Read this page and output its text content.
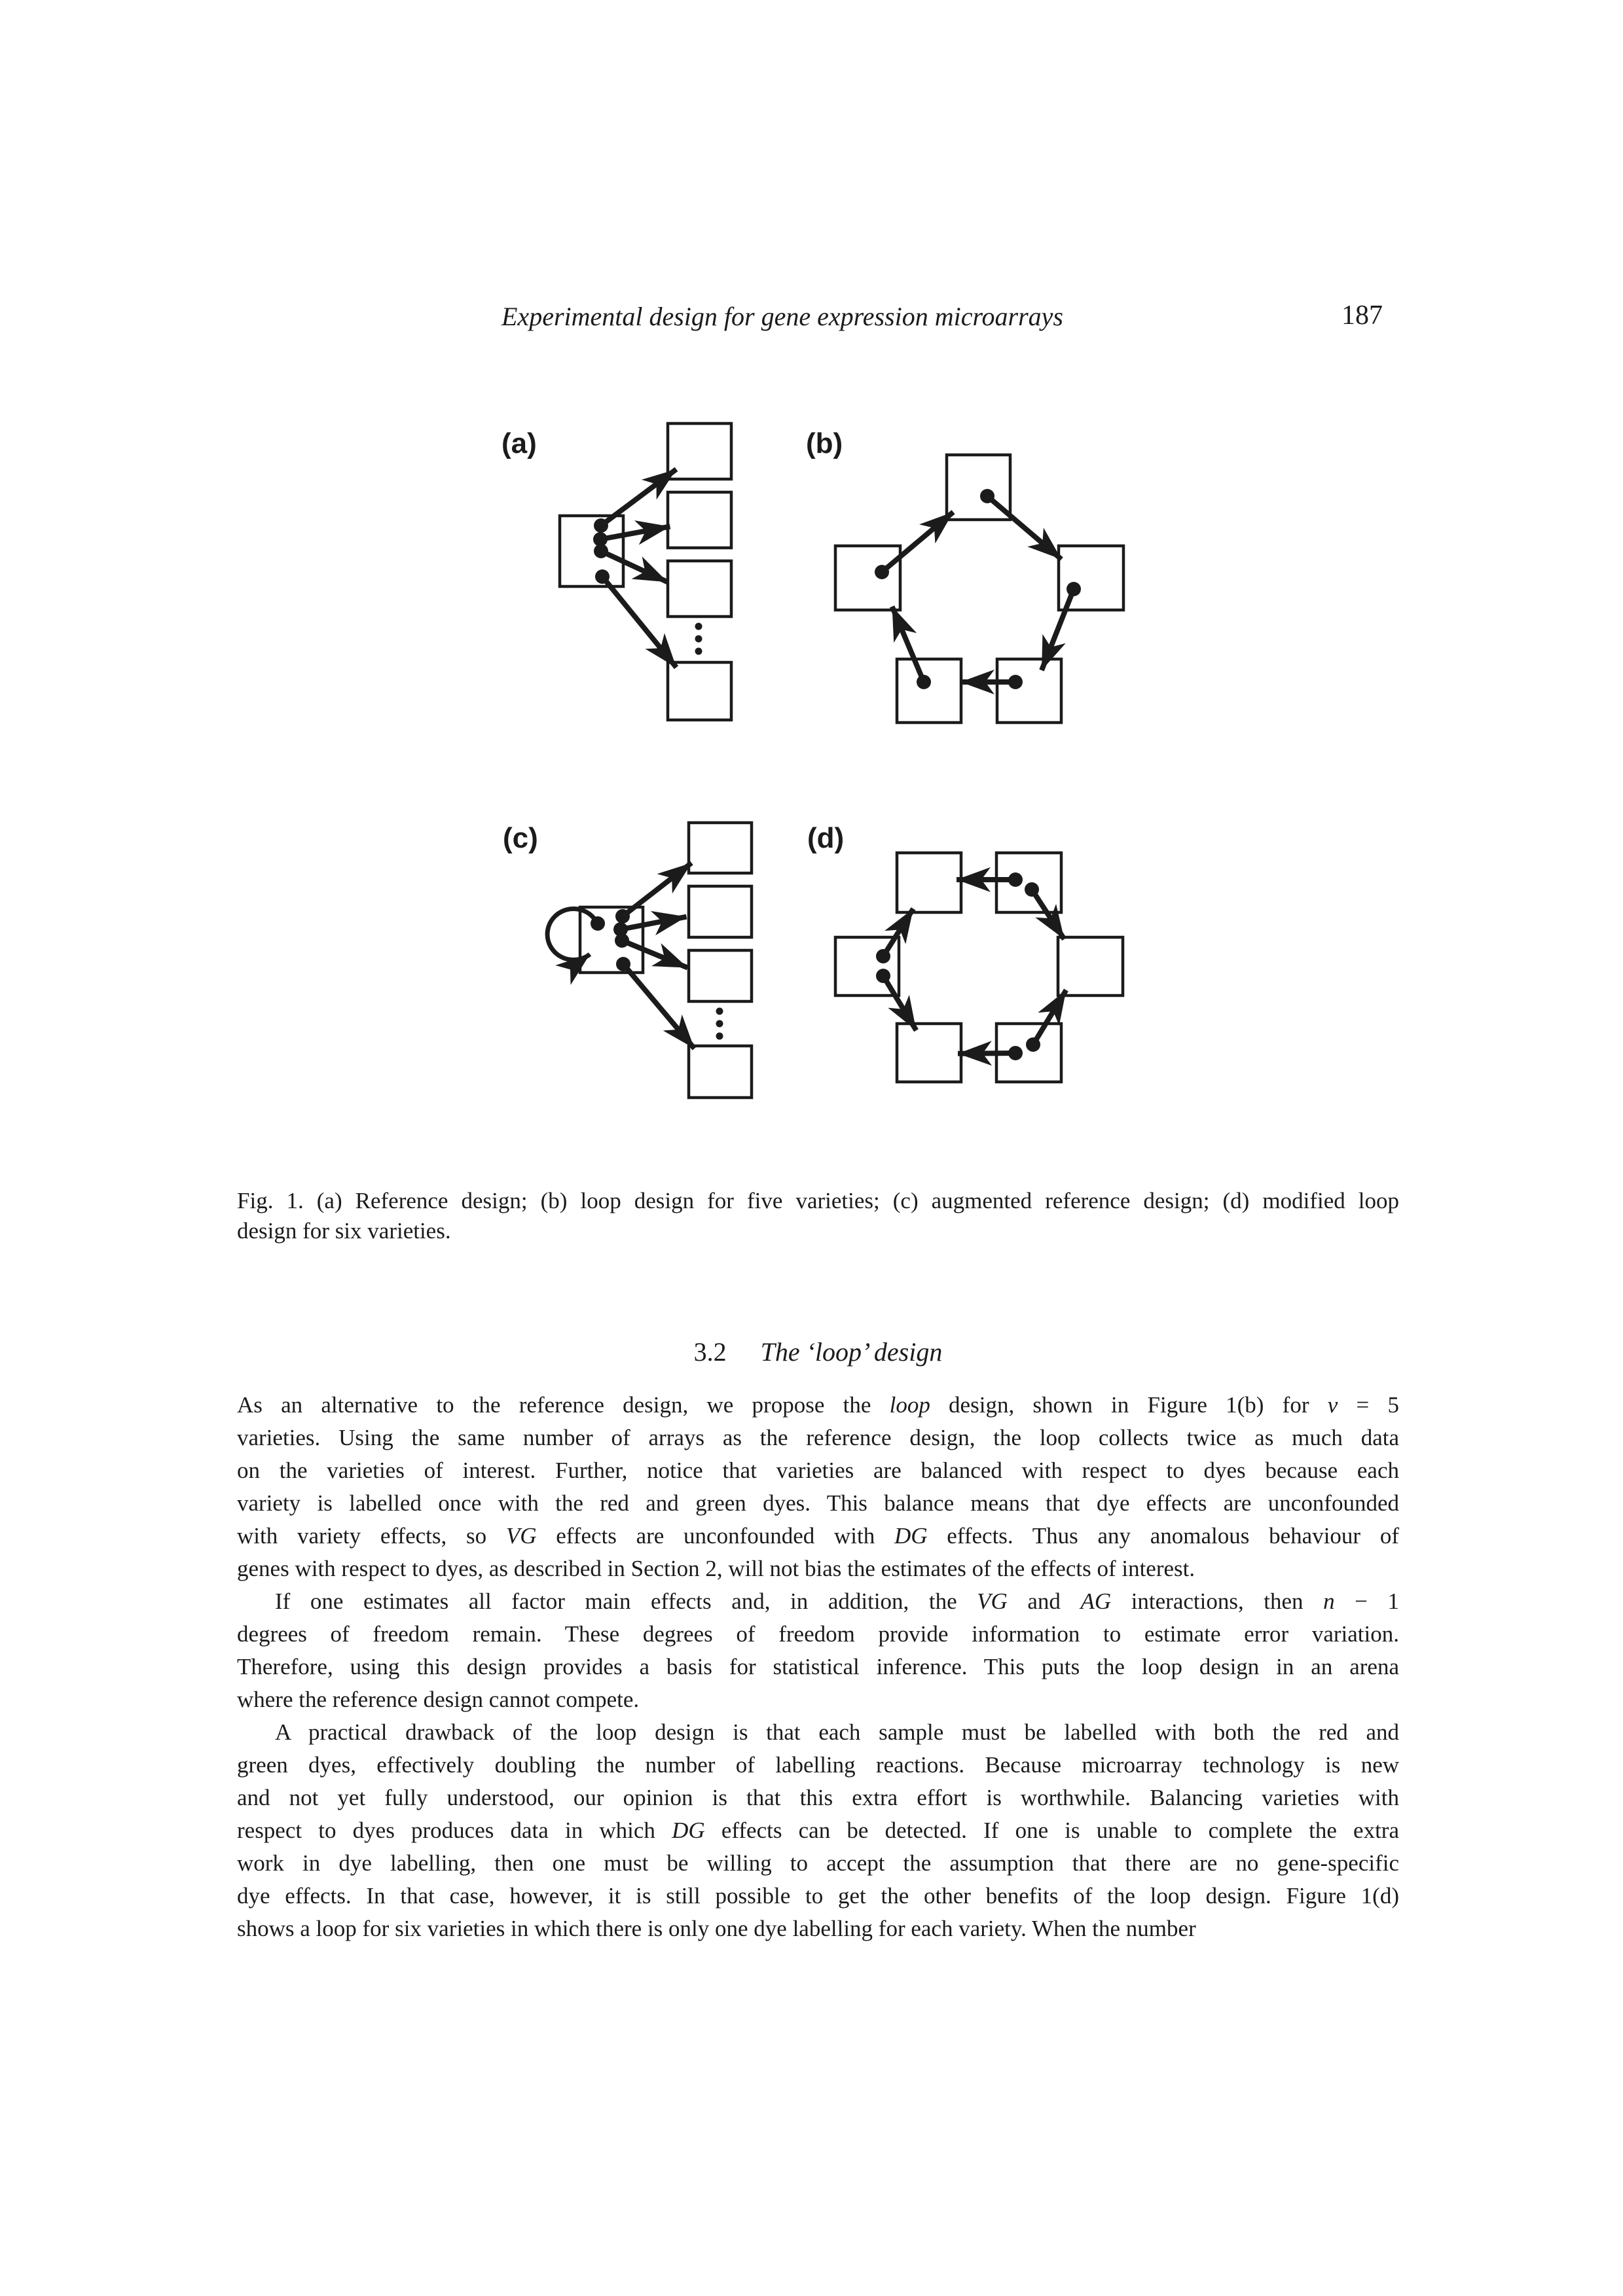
Experimental design for gene expression microarrays	187
(a)	(b)
(c)	(d)
Fig. 1. (a) Reference design; (b) loop design for five varieties; (c) augmented reference design; (d) modified loop
design for six varieties.
3.2 The ‘loop’ design
As an alternative to the reference design, we propose the loop design, shown in Figure 1(b) for v = 5
varieties. Using the same number of arrays as the reference design, the loop collects twice as much data
on the varieties of interest. Further, notice that varieties are balanced with respect to dyes because each
variety is labelled once with the red and green dyes. This balance means that dye effects are unconfounded
with variety effects, so VG effects are unconfounded with DG effects. Thus any anomalous behaviour of
genes with respect to dyes, as described in Section 2, will not bias the estimates of the effects of interest.
If one estimates all factor main effects and, in addition, the VG and AG interactions, then n − 1
degrees of freedom remain. These degrees of freedom provide information to estimate error variation.
Therefore, using this design provides a basis for statistical inference. This puts the loop design in an arena
where the reference design cannot compete.
A practical drawback of the loop design is that each sample must be labelled with both the red and
green dyes, effectively doubling the number of labelling reactions. Because microarray technology is new
and not yet fully understood, our opinion is that this extra effort is worthwhile. Balancing varieties with
respect to dyes produces data in which DG effects can be detected. If one is unable to complete the extra
work in dye labelling, then one must be willing to accept the assumption that there are no gene-specific
dye effects. In that case, however, it is still possible to get the other benefits of the loop design. Figure 1(d)
shows a loop for six varieties in which there is only one dye labelling for each variety. When the number
